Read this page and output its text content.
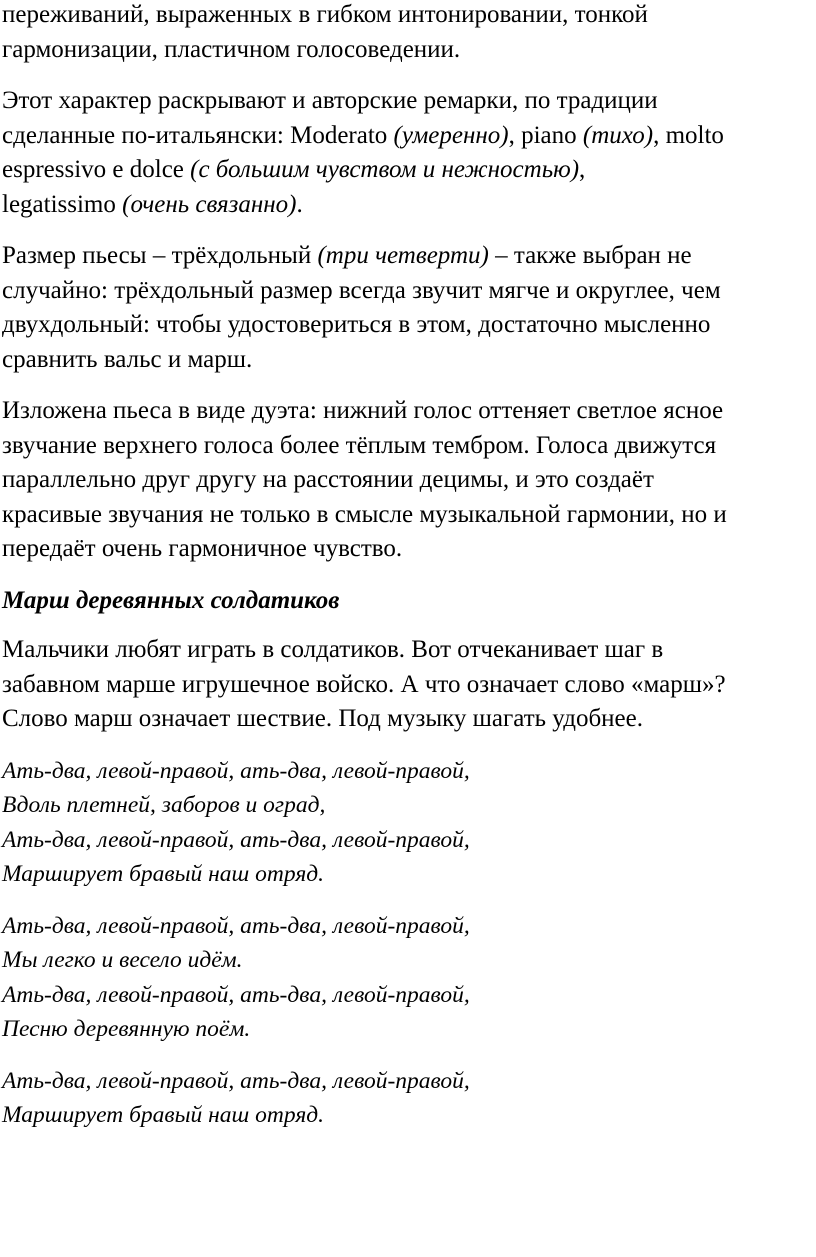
переживаний, выраженных в гибком интонировании, тонкой
гармонизации, пластичном голосоведении.

Этот характер раскрывают и авторские ремарки, по традиции
сделанные по-итальянски: Moderato (умеренно), piano (тихо), molto
espressivo e dolce (с большим чувством и нежностью),
legatissimo (очень связанно).

Размер пьесы – трёхдольный (три четверти) – также выбран не
случайно: трёхдольный размер всегда звучит мягче и округлее, чем
двухдольный: чтобы удостовериться в этом, достаточно мысленно
сравнить вальс и марш.

Изложена пьеса в виде дуэта: нижний голос оттеняет светлое ясное
звучание верхнего голоса более тёплым тембром. Голоса движутся
параллельно друг другу на расстоянии децимы, и это создаёт
красивые звучания не только в смысле музыкальной гармонии, но и
передаёт очень гармоничное чувство.

Марш деревянных солдатиков

Мальчики любят играть в солдатиков. Вот отчеканивает шаг в
забавном марше игрушечное войско. А что означает слово «марш»?
Слово марш означает шествие. Под музыку шагать удобнее.

Ать-два, левой-правой, ать-два, левой-правой,
Вдоль плетней, заборов и оград,
Ать-два, левой-правой, ать-два, левой-правой,
Марширует бравый наш отряд.

Ать-два, левой-правой, ать-два, левой-правой,
Мы легко и весело идём.
Ать-два, левой-правой, ать-два, левой-правой,
Песню деревянную поём.

Ать-два, левой-правой, ать-два, левой-правой,
Марширует бравый наш отряд.
